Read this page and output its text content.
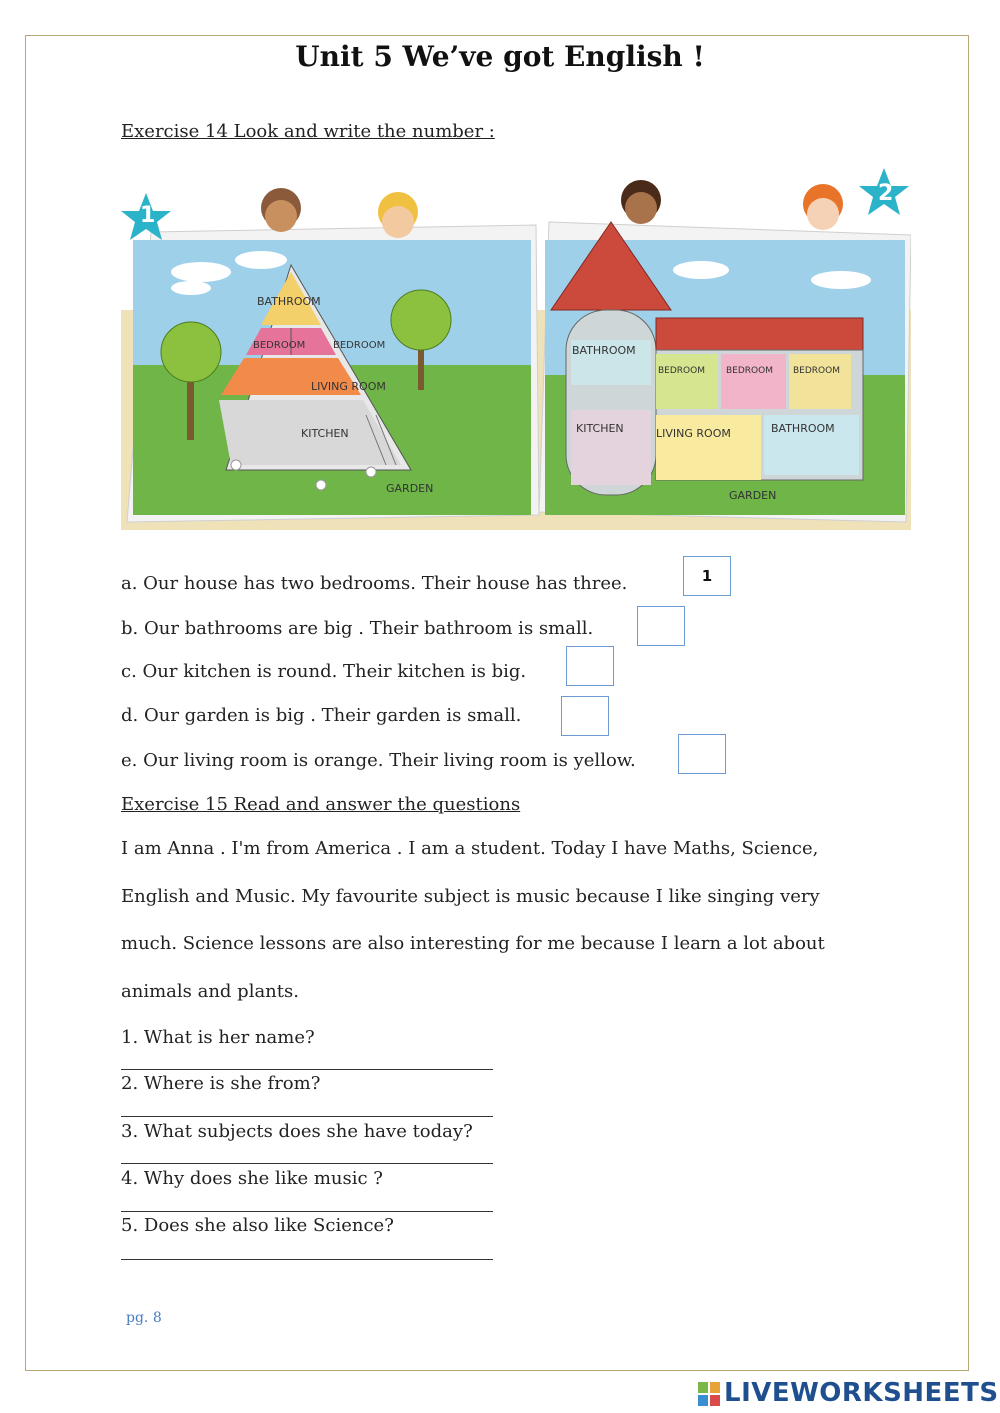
Unit 5 We’ve got English !
Exercise 14 Look and write the number :
BATHROOM
BEDROOM	BEDROOM
LIVING ROOM
KITCHEN
GARDEN
BATHROOM
BEDROOM BEDROOM BEDROOM
KITCHEN	LIVING ROOM	BATHROOM
GARDEN
1
2
a. Our house has two bedrooms. Their house has three.	1
b. Our bathrooms are big . Their bathroom is small.
c. Our kitchen is round. Their kitchen is big.
d. Our garden is big . Their garden is small.
e. Our living room is orange. Their living room is yellow.
Exercise 15 Read and answer the questions
I am Anna . I'm from America . I am a student. Today I have Maths, Science,
English and Music. My favourite subject is music because I like singing very
much. Science lessons are also interesting for me because I learn a lot about
animals and plants.
1. What is her name?
2. Where is she from?
3. What subjects does she have today?
4. Why does she like music ?
5. Does she also like Science?
pg. 8
LIVEWORKSHEETS
